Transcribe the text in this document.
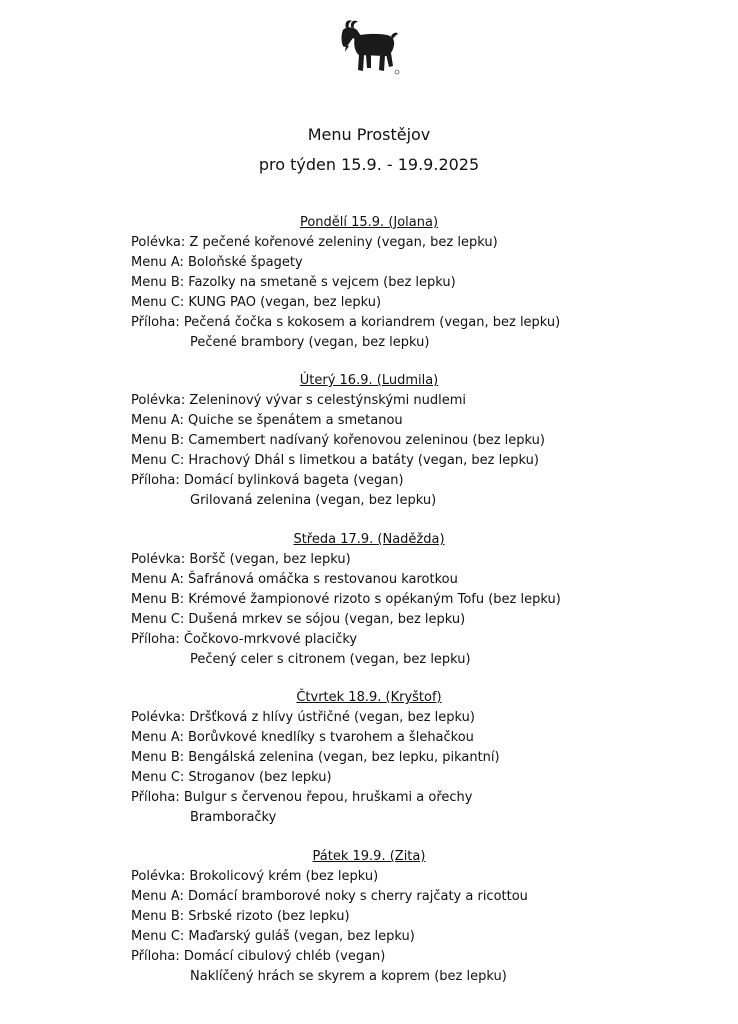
Menu Prostějov
pro týden 15.9. - 19.9.2025
Pondělí 15.9. (Jolana)
Polévka: Z pečené kořenové zeleniny (vegan, bez lepku)
Menu A: Boloňské špagety
Menu B: Fazolky na smetaně s vejcem (bez lepku)
Menu C: KUNG PAO (vegan, bez lepku)
Příloha: Pečená čočka s kokosem a koriandrem (vegan, bez lepku)
Pečené brambory (vegan, bez lepku)
Úterý 16.9. (Ludmila)
Polévka: Zeleninový vývar s celestýnskými nudlemi
Menu A: Quiche se špenátem a smetanou
Menu B: Camembert nadívaný kořenovou zeleninou (bez lepku)
Menu C: Hrachový Dhál s limetkou a batáty (vegan, bez lepku)
Příloha: Domácí bylinková bageta (vegan)
Grilovaná zelenina (vegan, bez lepku)
Středa 17.9. (Naděžda)
Polévka: Boršč (vegan, bez lepku)
Menu A: Šafránová omáčka s restovanou karotkou
Menu B: Krémové žampionové rizoto s opékaným Tofu (bez lepku)
Menu C: Dušená mrkev se sójou (vegan, bez lepku)
Příloha: Čočkovo-mrkvové placičky
Pečený celer s citronem (vegan, bez lepku)
Čtvrtek 18.9. (Kryštof)
Polévka: Dršťková z hlívy ústřičné (vegan, bez lepku)
Menu A: Borůvkové knedlíky s tvarohem a šlehačkou
Menu B: Bengálská zelenina (vegan, bez lepku, pikantní)
Menu C: Stroganov (bez lepku)
Příloha: Bulgur s červenou řepou, hruškami a ořechy
Bramboračky
Pátek 19.9. (Zita)
Polévka: Brokolicový krém (bez lepku)
Menu A: Domácí bramborové noky s cherry rajčaty a ricottou
Menu B: Srbské rizoto (bez lepku)
Menu C: Maďarský guláš (vegan, bez lepku)
Příloha: Domácí cibulový chléb (vegan)
Naklíčený hrách se skyrem a koprem (bez lepku)
